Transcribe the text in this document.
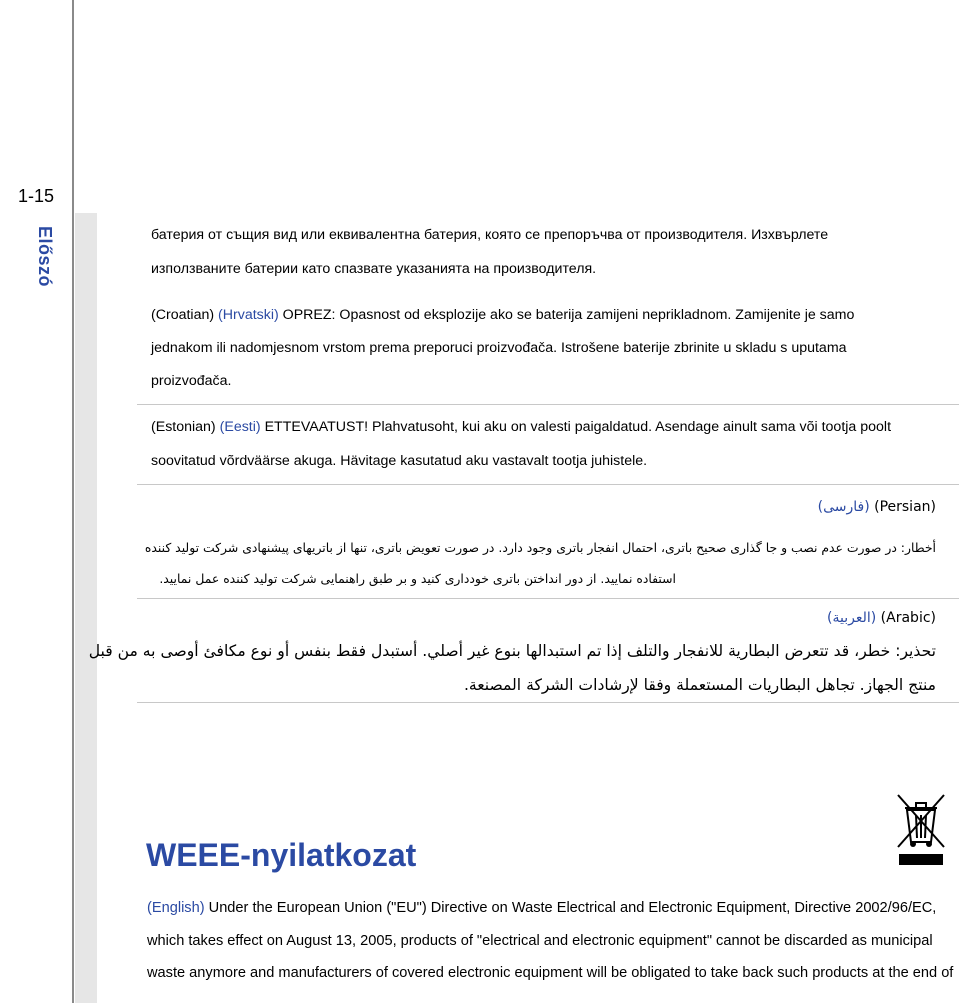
1-15
Előszó	батерия от същия вид или еквивалентна батерия, която се препоръчва от производителя. Изхвърлете
използваните батерии като спазвате указанията на производителя.
(Croatian) (Hrvatski) OPREZ: Opasnost od eksplozije ako se baterija zamijeni neprikladnom. Zamijenite je samo
jednakom ili nadomjesnom vrstom prema preporuci proizvođača. Istrošene baterije zbrinite u skladu s uputama
proizvođača.
(Estonian) (Eesti) ETTEVAATUST! Plahvatusoht, kui aku on valesti paigaldatud. Asendage ainult sama või tootja poolt
soovitatud võrdväärse akuga. Hävitage kasutatud aku vastavalt tootja juhistele.
(Persian) (فارسی)
أخطار: در صورت عدم نصب و جا گذاری صحیح باتری، احتمال انفجار باتری وجود دارد. در صورت تعویض باتری، تنها از باتریهای پیشنهادی شرکت تولید کننده
استفاده نمایید. از دور انداختن باتری خودداری کنید و بر طبق راهنمایی شرکت تولید کننده عمل نمایید.
(Arabic) (العربية)
تحذير: خطر، قد تتعرض البطارية للانفجار والتلف إذا تم استبدالها بنوع غير أصلي. أستبدل فقط بنفس أو نوع مكافئ أوصى به من قبل
منتج الجهاز. تجاهل البطاريات المستعملة وفقا لإرشادات الشركة المصنعة.
WEEE-nyilatkozat
(English) Under the European Union ("EU") Directive on Waste Electrical and Electronic Equipment, Directive 2002/96/EC,
which takes effect on August 13, 2005, products of "electrical and electronic equipment" cannot be discarded as municipal
waste anymore and manufacturers of covered electronic equipment will be obligated to take back such products at the end of
